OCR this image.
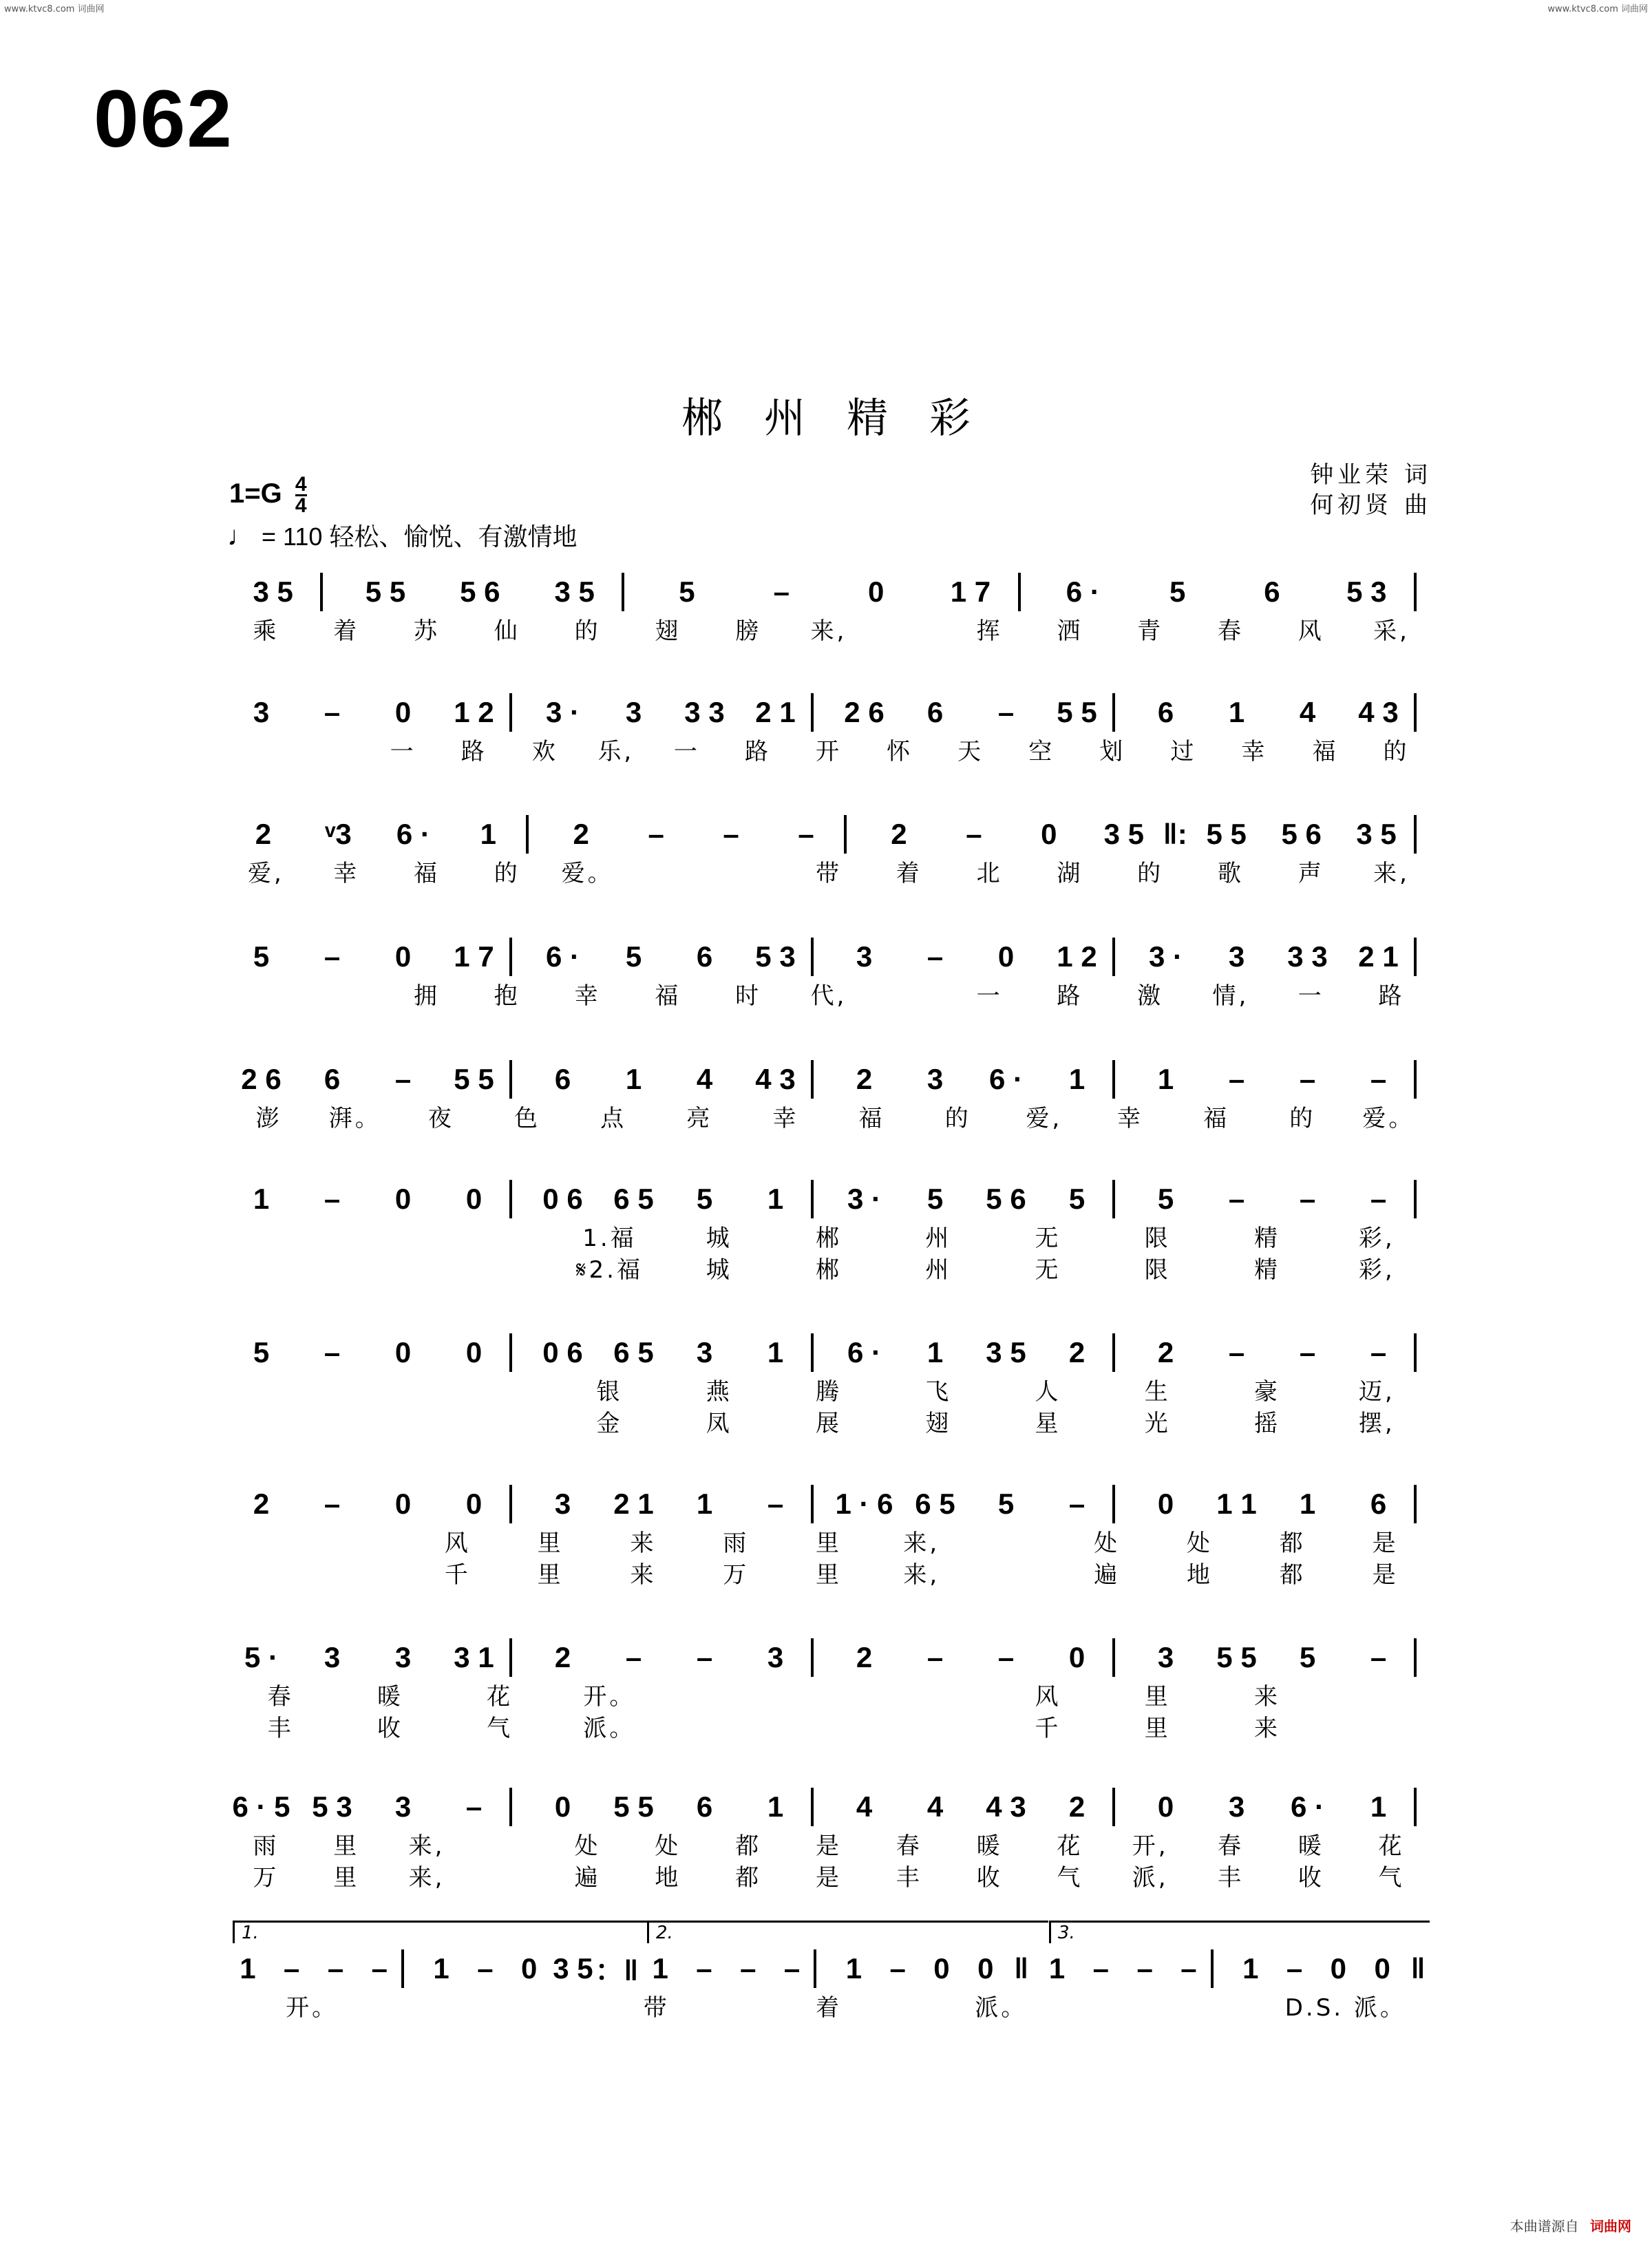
www.ktvc8.com 词曲网	www.ktvc8.com 词曲网
062
郴州精彩
钟业荣 词
何初贤 曲
$1=G \frac{4}{4}$
♩ = 110 轻松、愉悦、有激情地
3 5	5 5	5 6	3 5	5	–	0	1 7	6 ·	5	6	5 3
乘	着	苏	仙	的	翅	膀	来,	挥	洒	青	春	风	采,
3	–	0	1 2	3 ·	3	3 3	2 1	2 6	6	–	5 5	6	1	4	4 3
一	路	欢	乐,	一	路	开	怀	天	空	划	过	幸	福	的
2	ᵛ3	6 ·	1	2	–	–	–	2	–	0	3 5 ‖: 5 5	5 6	3 5
爱,	幸	福	的	爱。	带	着	北	湖	的	歌	声	来,
5	–	0	1 7	6 ·	5	6	5 3	3	–	0	1 2	3 ·	3	3 3	2 1
拥	抱	幸	福	时	代,	一	路	激	情,	一	路
2 6	6	–	5 5	6	1	4	4 3	2	3	6 ·	1	1	–	–	–
澎	湃。	夜	色	点	亮	幸	福	的	爱,	幸	福	的	爱。
1	–	0	0	0 6	6 5	5	1	3 ·	5	5 6	5	5	–	–	–
1.福	城	郴	州	无	限	精	彩,
𝄋2.福	城	郴	州	无	限	精	彩,
5	–	0	0	0 6	6 5	3	1	6 ·	1	3 5	2	2	–	–	–
银	燕	腾	飞	人	生	豪	迈,
金	凤	展	翅	星	光	摇	摆,
2	–	0	0	3	2 1	1	–	1 · 6 6 5	5	–	0	1 1	1	6
风	里	来	雨	里	来,	处	处	都	是
千	里	来	万	里	来,	遍	地	都	是
5 ·	3	3	3 1	2	–	–	3	2	–	–	0	3	5 5	5	–
春	暖	花	开。	风	里	来
丰	收	气	派。	千	里	来
6 · 5 5 3	3	–	0	5 5	6	1	4	4	4 3	2	0	3	6 ·	1
雨	里	来,	处	处	都	是	春	暖	花	开,	春	暖	花
万	里	来,	遍	地	都	是	丰	收	气	派,	丰	收	气
1 – – –	1 – 0 3 5 ：‖ 1 – – –	1 – 0 0 ‖ 1 – – –	1 – 0 0 ‖
开。	带	着	派。	D.S. 派。
1.	2.	3.
本曲谱源自 词曲网
